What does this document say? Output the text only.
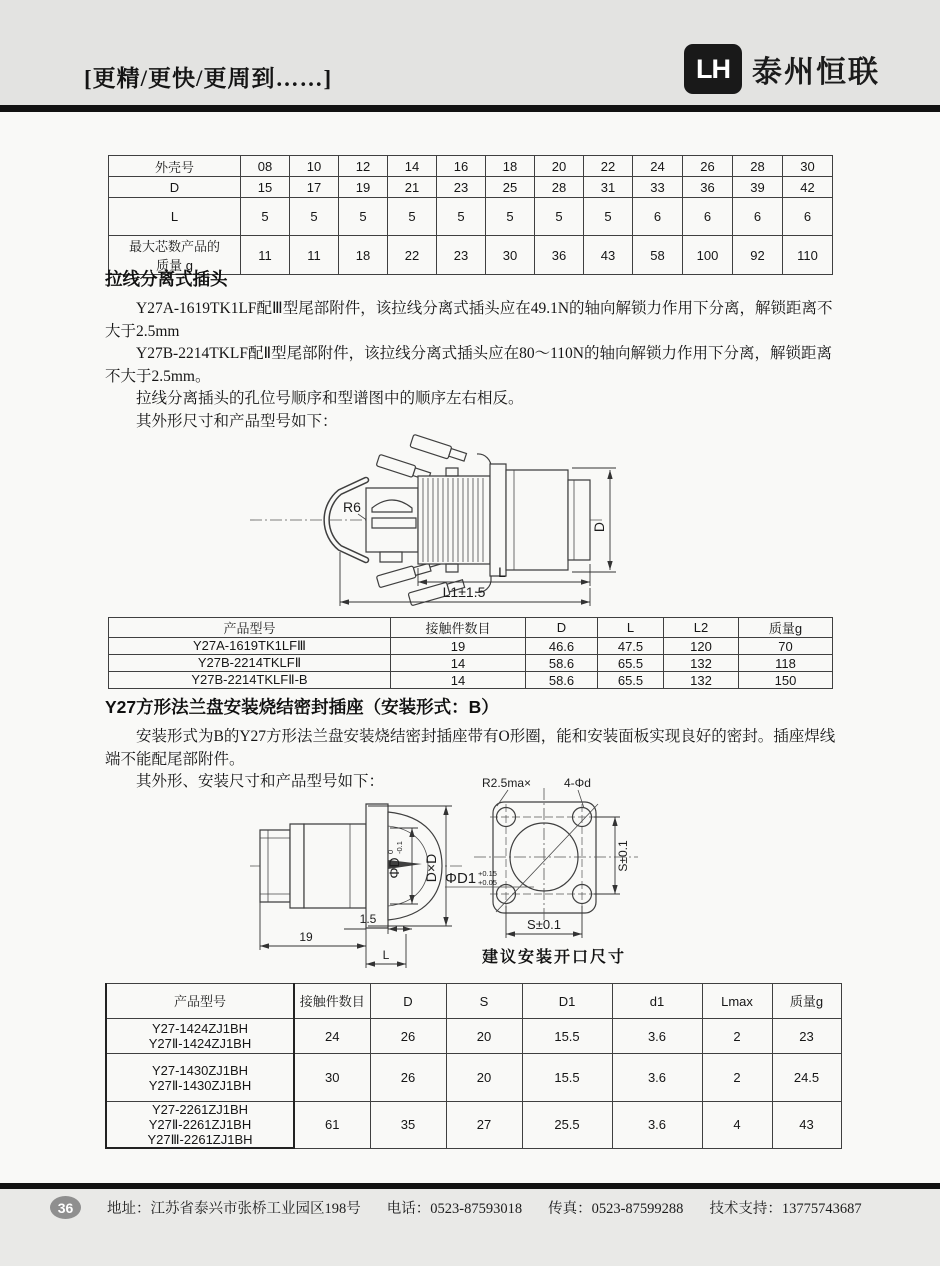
[更精/更快/更周到……]	LH 泰州恒联
外壳号	08	10	12	14	16	18	20	22	24	26	28	30
D	15	17	19	21	23	25	28	31	33	36	39	42
L	5	5	5	5	5	5	5	5	6	6	6	6
最大芯数产品的
质量 g	11	11	18	22	23	30	36	43	58	100	92	110
拉线分离式插头

Y27A-1619TK1LF配Ⅲ型尾部附件，该拉线分离式插头应在49.1N的轴向解锁力作用下分离，解锁距离不大于2.5mm

Y27B-2214TKLF配Ⅱ型尾部附件，该拉线分离式插头应在80～110N的轴向解锁力作用下分离，解锁距离不大于2.5mm。

拉线分离插头的孔位号顺序和型谱图中的顺序左右相反。

其外形尺寸和产品型号如下：

D
L
L1±1.5
R6
产品型号	接触件数目	D	L	L2	质量g
Y27A-1619TK1LFⅢ	19	46.6	47.5	120	70
Y27B-2214TKLFⅡ	14	58.6	65.5	132	118
Y27B-2214TKLFⅡ-B	14	58.6	65.5	132	150
Y27方形法兰盘安装烧结密封插座（安装形式：B）

安装形式为B的Y27方形法兰盘安装烧结密封插座带有O形圈，能和安装面板实现良好的密封。插座焊线端不能配尾部附件。

其外形、安装尺寸和产品型号如下：

ΦD
0 -0.1
D×D
1.5
19
L
R2.5ma×	4-Φd
ΦD1 +0.15
+0.05
S±0.1
S±0.1
建议安装开口尺寸
产品型号	接触件数目	D	S	D1	d1	Lmax	质量g
Y27-1424ZJ1BH
Y27Ⅱ-1424ZJ1BH	24	26	20	15.5	3.6	2	23
Y27-1430ZJ1BH
Y27Ⅱ-1430ZJ1BH	30	26	20	15.5	3.6	2	24.5
Y27-2261ZJ1BH
Y27Ⅱ-2261ZJ1BH
Y27Ⅲ-2261ZJ1BH	61	35	27	25.5	3.6	4	43
36	地址：江苏省泰兴市张桥工业园区198号 电话：0523-87593018 传真：0523-87599288 技术支持：13775743687
